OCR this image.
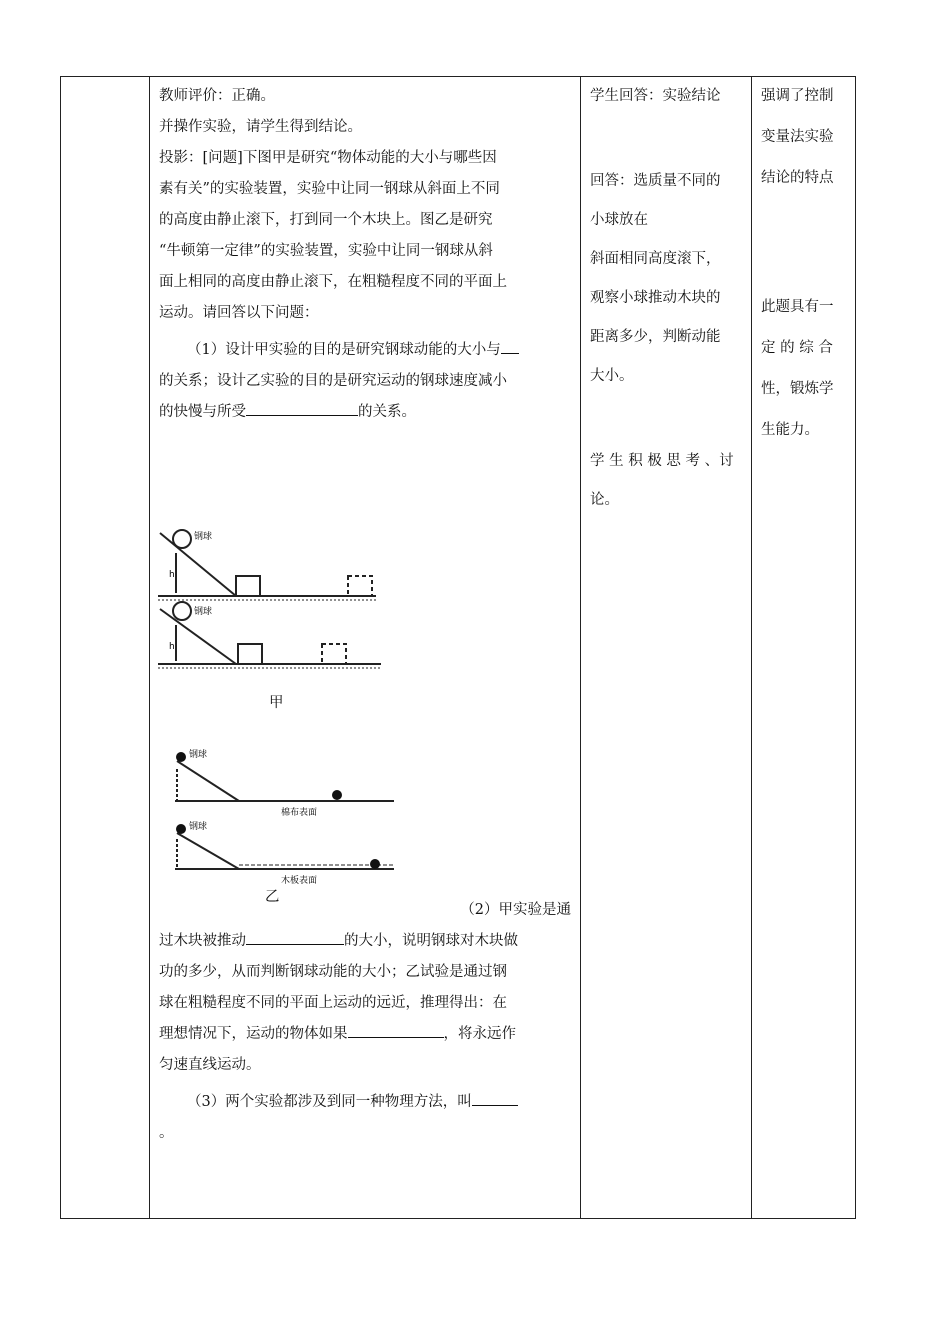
教师评价：正确。

并操作实验，请学生得到结论。

投影：[问题]下图甲是研究“物体动能的大小与哪些因

素有关”的实验装置，实验中让同一钢球从斜面上不同

的高度由静止滚下，打到同一个木块上。图乙是研究

“牛顿第一定律”的实验装置，实验中让同一钢球从斜

面上相同的高度由静止滚下，在粗糙程度不同的平面上

运动。请回答以下问题：

（1）设计甲实验的目的是研究钢球动能的大小与

的关系；设计乙实验的目的是研究运动的钢球速度减小

的快慢与所受	的关系。

钢球
h
钢球
h
甲
钢球
棉布表面
钢球
木板表面
乙

（2）甲实验是通

过木块被推动	的大小，说明钢球对木块做

功的多少，从而判断钢球动能的大小；乙试验是通过钢

球在粗糙程度不同的平面上运动的远近，推理得出：在

理想情况下，运动的物体如果	，将永远作

匀速直线运动。

（3）两个实验都涉及到同一种物理方法，叫

。

学生回答：实验结论

回答：选质量不同的

小球放在

斜面相同高度滚下，

观察小球推动木块的

距离多少，判断动能

大小。

学 生 积 极 思 考 、讨

论。

强调了控制

变量法实验

结论的特点

此题具有一

定 的 综 合

性，锻炼学

生能力。
